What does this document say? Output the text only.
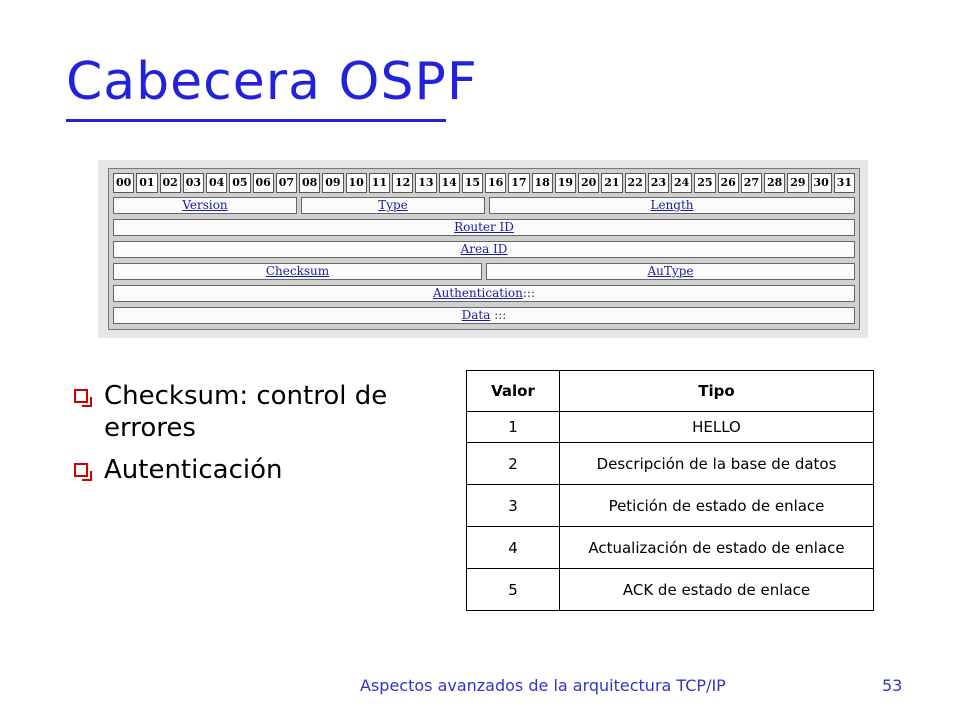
Cabecera OSPF
00 01 02 03 04 05 06 07 08 09 10 11 12 13 14 15 16 17 18 19 20 21 22 23 24 25 26 27 28 29 30 31
Version	Type	Length
Router ID
Area ID
Checksum	AuType
Authentication:::
Data :::
Checksum: control de errores
Autenticación
Valor	Tipo
1	HELLO
2	Descripción de la base de datos
3	Petición de estado de enlace
4	Actualización de estado de enlace
5	ACK de estado de enlace
Aspectos avanzados de la arquitectura TCP/IP	53
